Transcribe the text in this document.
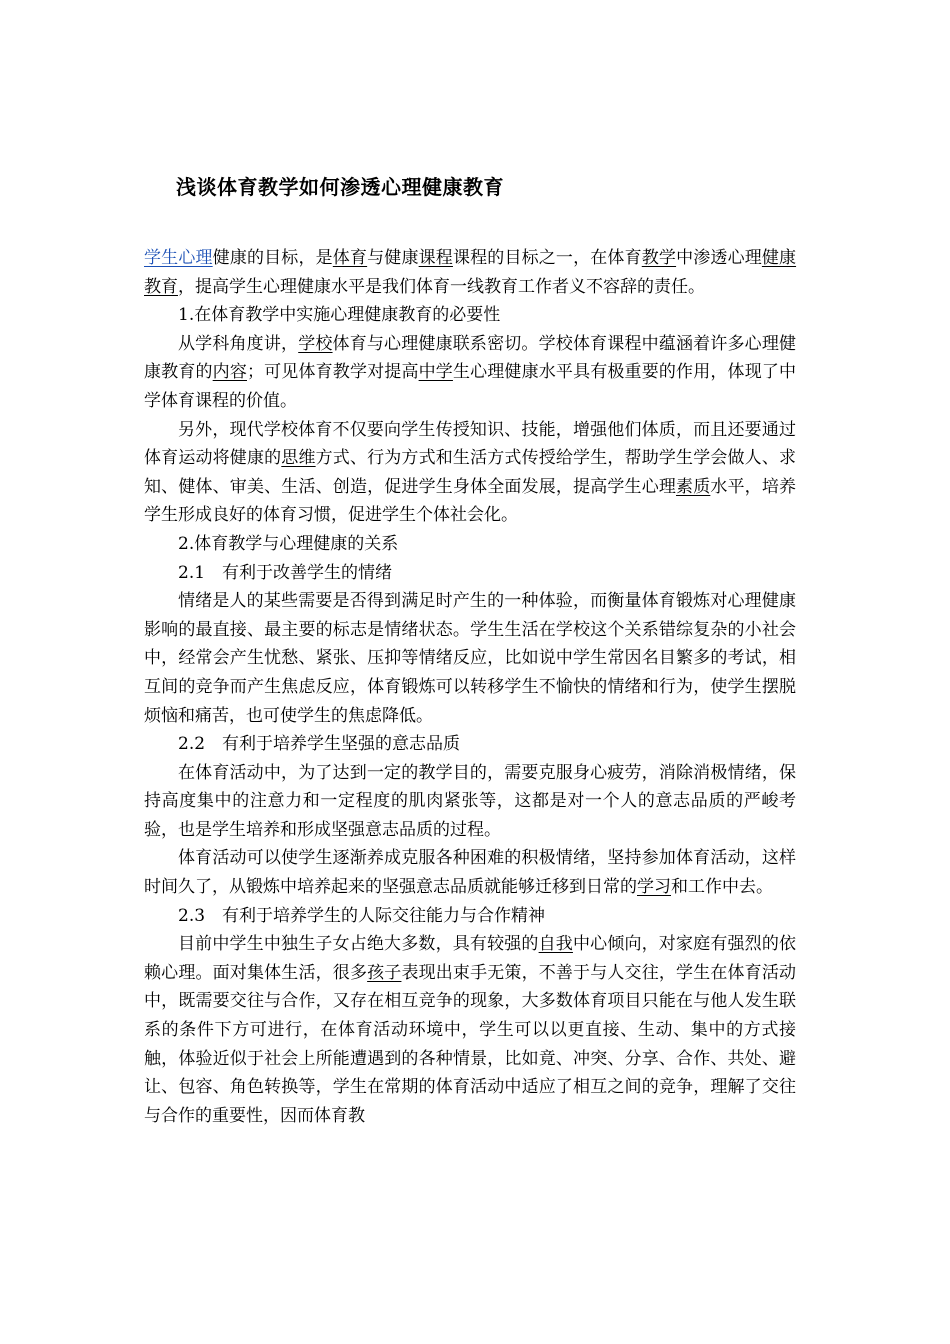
浅谈体育教学如何渗透心理健康教育

学生心理健康的目标，是体育与健康课程课程的目标之一，在体育教学中渗透心理健康教育，提高学生心理健康水平是我们体育一线教育工作者义不容辞的责任。

1.在体育教学中实施心理健康教育的必要性

从学科角度讲，学校体育与心理健康联系密切。学校体育课程中蕴涵着许多心理健康教育的内容；可见体育教学对提高中学生心理健康水平具有极重要的作用，体现了中学体育课程的价值。

另外，现代学校体育不仅要向学生传授知识、技能，增强他们体质，而且还要通过体育运动将健康的思维方式、行为方式和生活方式传授给学生，帮助学生学会做人、求知、健体、审美、生活、创造，促进学生身体全面发展，提高学生心理素质水平，培养学生形成良好的体育习惯，促进学生个体社会化。

2.体育教学与心理健康的关系

2.1　有利于改善学生的情绪

情绪是人的某些需要是否得到满足时产生的一种体验，而衡量体育锻炼对心理健康影响的最直接、最主要的标志是情绪状态。学生生活在学校这个关系错综复杂的小社会中，经常会产生忧愁、紧张、压抑等情绪反应，比如说中学生常因名目繁多的考试，相互间的竞争而产生焦虑反应，体育锻炼可以转移学生不愉快的情绪和行为，使学生摆脱烦恼和痛苦，也可使学生的焦虑降低。

2.2　有利于培养学生坚强的意志品质

在体育活动中，为了达到一定的教学目的，需要克服身心疲劳，消除消极情绪，保持高度集中的注意力和一定程度的肌肉紧张等，这都是对一个人的意志品质的严峻考验，也是学生培养和形成坚强意志品质的过程。

体育活动可以使学生逐渐养成克服各种困难的积极情绪，坚持参加体育活动，这样时间久了，从锻炼中培养起来的坚强意志品质就能够迁移到日常的学习和工作中去。

2.3　有利于培养学生的人际交往能力与合作精神

目前中学生中独生子女占绝大多数，具有较强的自我中心倾向，对家庭有强烈的依赖心理。面对集体生活，很多孩子表现出束手无策，不善于与人交往，学生在体育活动中，既需要交往与合作，又存在相互竞争的现象，大多数体育项目只能在与他人发生联系的条件下方可进行，在体育活动环境中，学生可以以更直接、生动、集中的方式接触，体验近似于社会上所能遭遇到的各种情景，比如竟、冲突、分享、合作、共处、避让、包容、角色转换等，学生在常期的体育活动中适应了相互之间的竞争，理解了交往与合作的重要性，因而体育教
